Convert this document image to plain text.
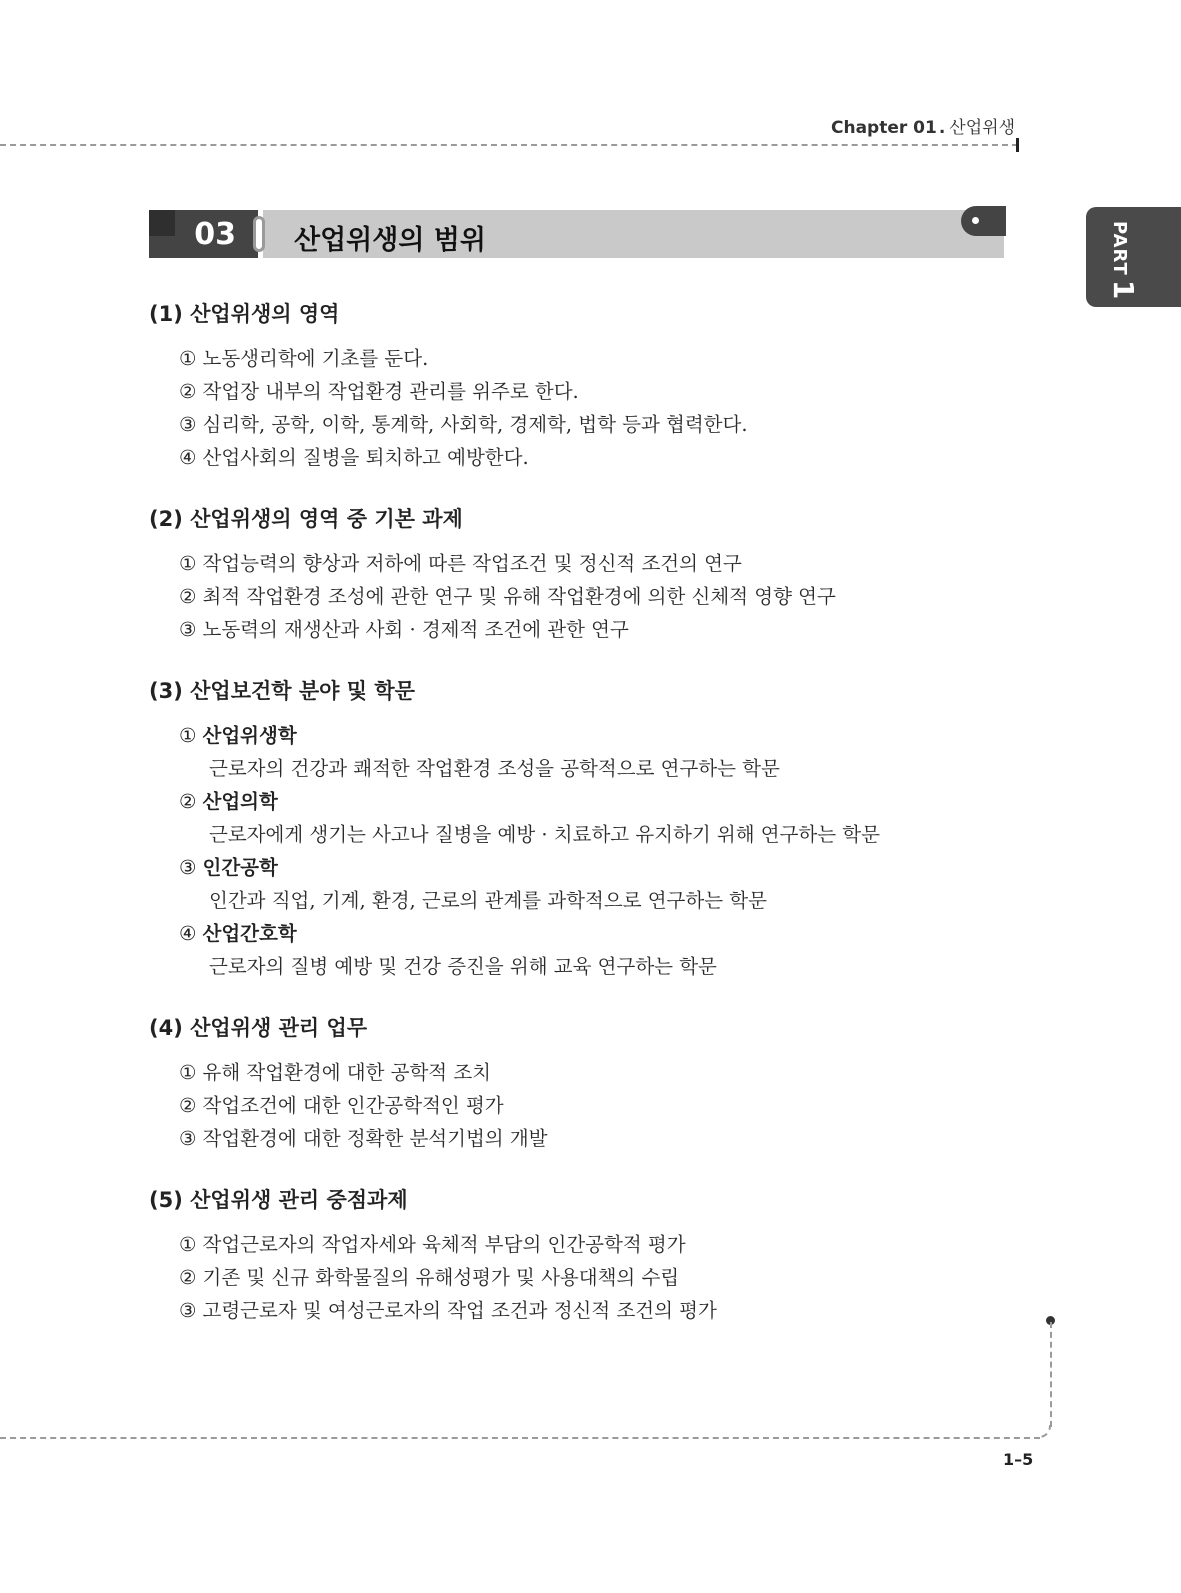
Chapter 01 . 산업위생
PART1
03 산업위생의 범위
(1) 산업위생의 영역
① 노동생리학에 기초를 둔다.
② 작업장 내부의 작업환경 관리를 위주로 한다.
③ 심리학, 공학, 이학, 통계학, 사회학, 경제학, 법학 등과 협력한다.
④ 산업사회의 질병을 퇴치하고 예방한다.
(2) 산업위생의 영역 중 기본 과제
① 작업능력의 향상과 저하에 따른 작업조건 및 정신적 조건의 연구
② 최적 작업환경 조성에 관한 연구 및 유해 작업환경에 의한 신체적 영향 연구
③ 노동력의 재생산과 사회 · 경제적 조건에 관한 연구
(3) 산업보건학 분야 및 학문
① 산업위생학
근로자의 건강과 쾌적한 작업환경 조성을 공학적으로 연구하는 학문
② 산업의학
근로자에게 생기는 사고나 질병을 예방 · 치료하고 유지하기 위해 연구하는 학문
③ 인간공학
인간과 직업, 기계, 환경, 근로의 관계를 과학적으로 연구하는 학문
④ 산업간호학
근로자의 질병 예방 및 건강 증진을 위해 교육 연구하는 학문
(4) 산업위생 관리 업무
① 유해 작업환경에 대한 공학적 조치
② 작업조건에 대한 인간공학적인 평가
③ 작업환경에 대한 정확한 분석기법의 개발
(5) 산업위생 관리 중점과제
① 작업근로자의 작업자세와 육체적 부담의 인간공학적 평가
② 기존 및 신규 화학물질의 유해성평가 및 사용대책의 수립
③ 고령근로자 및 여성근로자의 작업 조건과 정신적 조건의 평가
1–5
